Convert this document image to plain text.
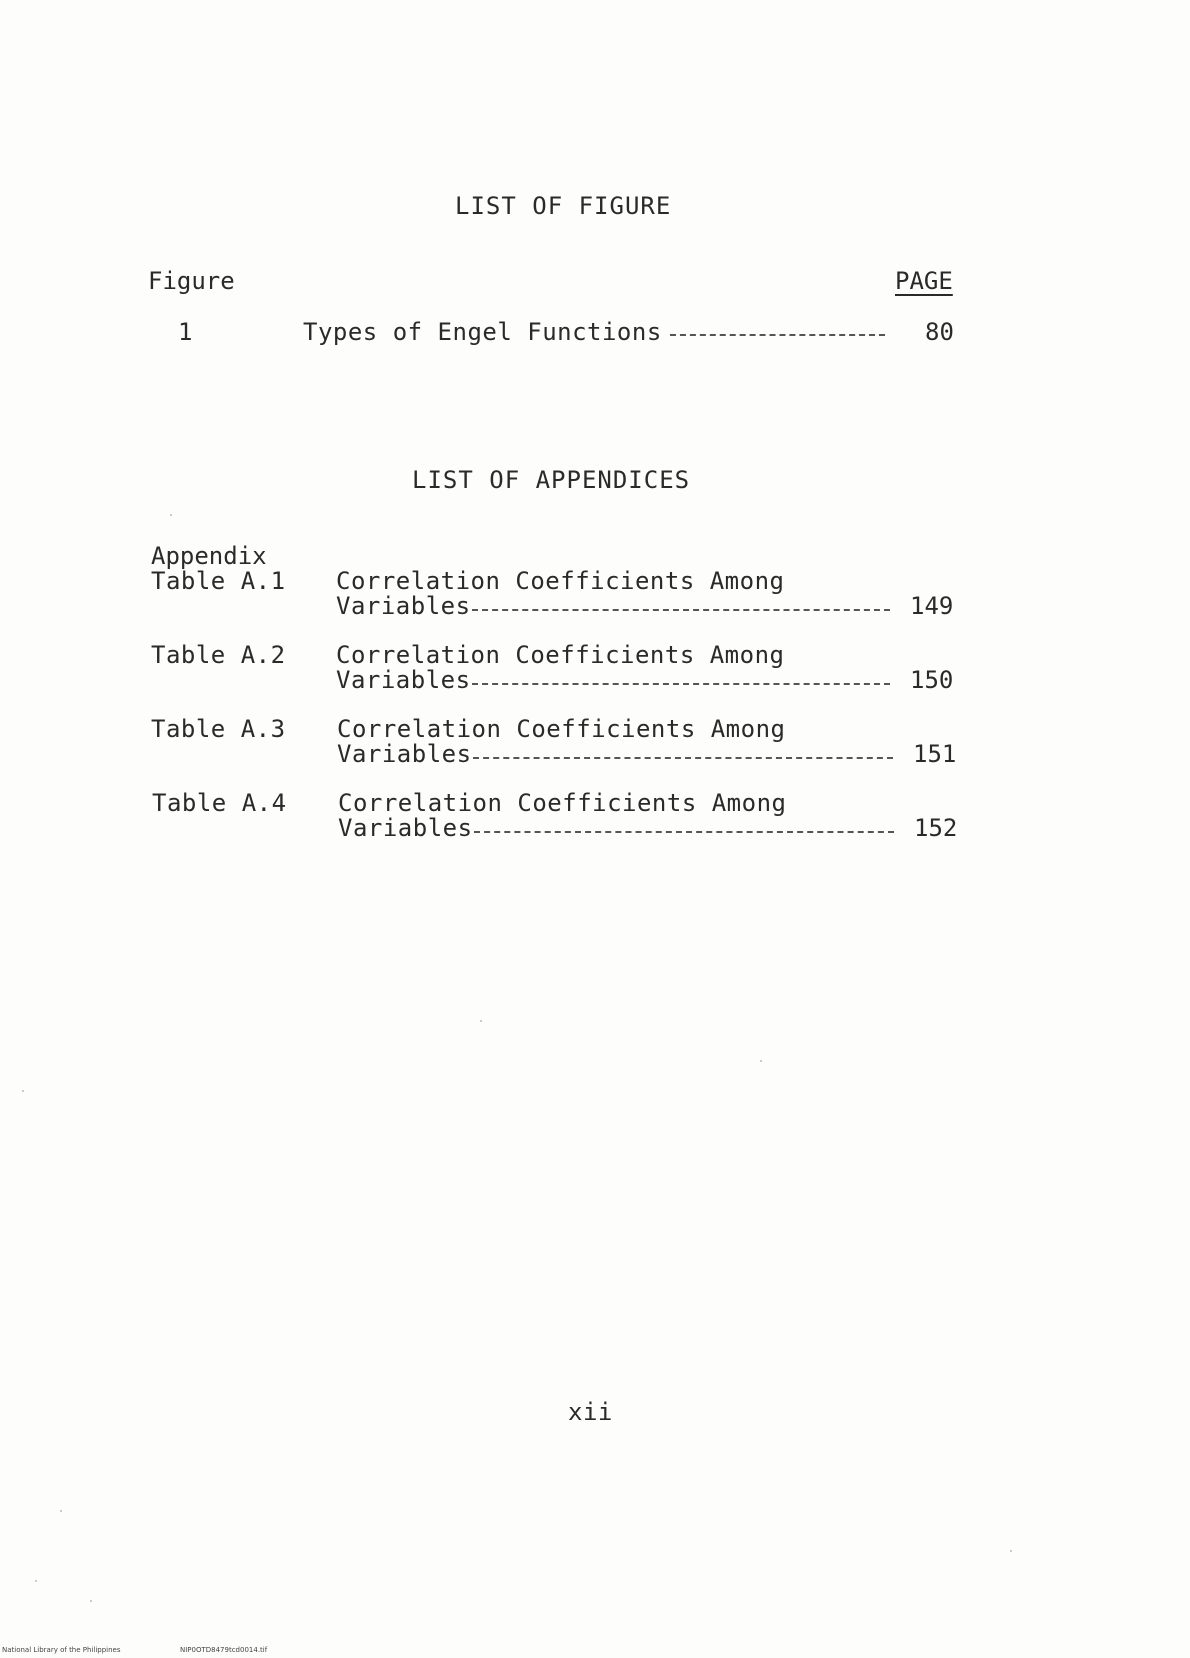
LIST OF FIGURE
Figure	PAGE
1	Types of Engel Functions	80
LIST OF APPENDICES
Appendix
Table A.1 Correlation Coefficients Among
Variables	149
Table A.2 Correlation Coefficients Among
Variables	150
Table A.3 Correlation Coefficients Among
Variables	151
Table A.4 Correlation Coefficients Among
Variables	152
xii
National Library of the Philippines	NIP0OTD8479tcd0014.tif
